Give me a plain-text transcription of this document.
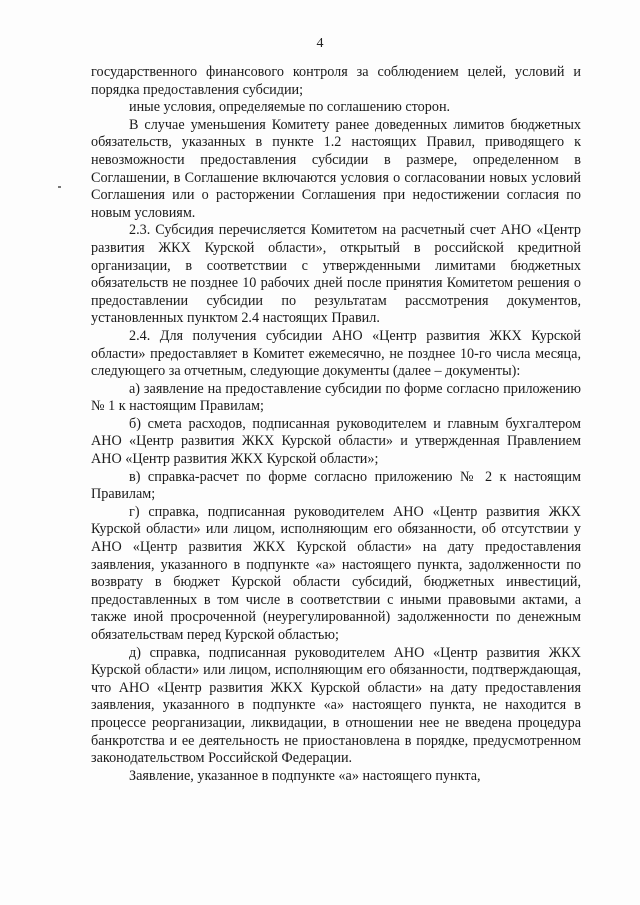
4

государственного финансового контроля за соблюдением целей, условий и порядка предоставления субсидии;

иные условия, определяемые по соглашению сторон.

В случае уменьшения Комитету ранее доведенных лимитов бюджетных обязательств, указанных в пункте 1.2 настоящих Правил, приводящего к невозможности предоставления субсидии в размере, определенном в Соглашении, в Соглашение включаются условия о согласовании новых условий Соглашения или о расторжении Соглашения при недостижении согласия по новым условиям.

2.3. Субсидия перечисляется Комитетом на расчетный счет АНО «Центр развития ЖКХ Курской области», открытый в российской кредитной организации, в соответствии с утвержденными лимитами бюджетных обязательств не позднее 10 рабочих дней после принятия Комитетом решения о предоставлении субсидии по результатам рассмотрения документов, установленных пунктом 2.4 настоящих Правил.

2.4. Для получения субсидии АНО «Центр развития ЖКХ Курской области» предоставляет в Комитет ежемесячно, не позднее 10-го числа месяца, следующего за отчетным, следующие документы (далее – документы):

а) заявление на предоставление субсидии по форме согласно приложению № 1 к настоящим Правилам;

б) смета расходов, подписанная руководителем и главным бухгалтером АНО «Центр развития ЖКХ Курской области» и утвержденная Правлением АНО «Центр развития ЖКХ Курской области»;

в) справка-расчет по форме согласно приложению № 2 к настоящим Правилам;

г) справка, подписанная руководителем АНО «Центр развития ЖКХ Курской области» или лицом, исполняющим его обязанности, об отсутствии у АНО «Центр развития ЖКХ Курской области» на дату предоставления заявления, указанного в подпункте «а» настоящего пункта, задолженности по возврату в бюджет Курской области субсидий, бюджетных инвестиций, предоставленных в том числе в соответствии с иными правовыми актами, а также иной просроченной (неурегулированной) задолженности по денежным обязательствам перед Курской областью;

д) справка, подписанная руководителем АНО «Центр развития ЖКХ Курской области» или лицом, исполняющим его обязанности, подтверждающая, что АНО «Центр развития ЖКХ Курской области» на дату предоставления заявления, указанного в подпункте «а» настоящего пункта, не находится в процессе реорганизации, ликвидации, в отношении нее не введена процедура банкротства и ее деятельность не приостановлена в порядке, предусмотренном законодательством Российской Федерации.

Заявление, указанное в подпункте «а» настоящего пункта,
